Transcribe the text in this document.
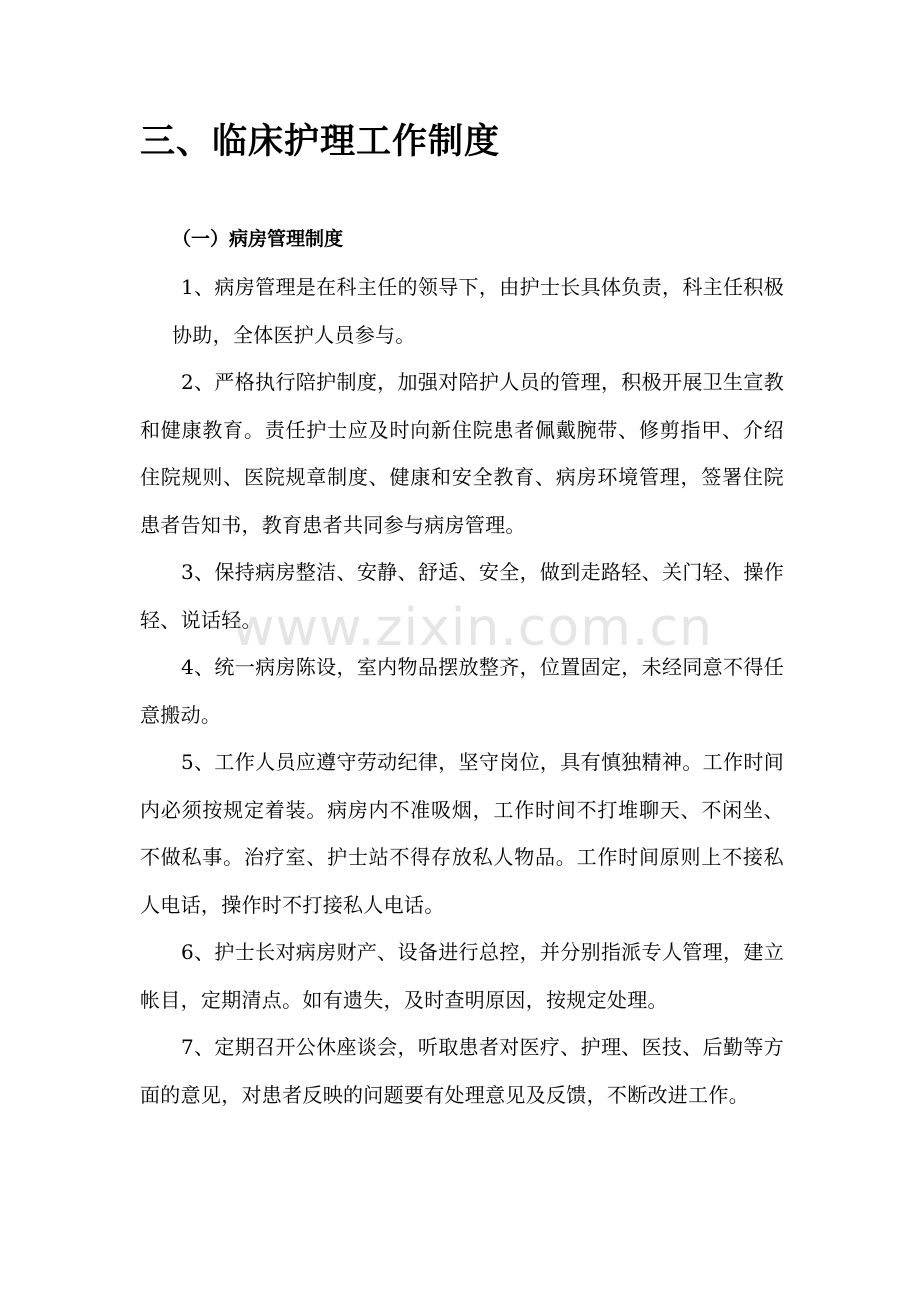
三、临床护理工作制度
（一）病房管理制度

1、病房管理是在科主任的领导下，由护士长具体负责，科主任积极协助，全体医护人员参与。

2、严格执行陪护制度，加强对陪护人员的管理，积极开展卫生宣教和健康教育。责任护士应及时向新住院患者佩戴腕带、修剪指甲、介绍住院规则、医院规章制度、健康和安全教育、病房环境管理，签署住院患者告知书，教育患者共同参与病房管理。

3、保持病房整洁、安静、舒适、安全，做到走路轻、关门轻、操作轻、说话轻。

4、统一病房陈设，室内物品摆放整齐，位置固定，未经同意不得任意搬动。

5、工作人员应遵守劳动纪律，坚守岗位，具有慎独精神。工作时间内必须按规定着装。病房内不准吸烟，工作时间不打堆聊天、不闲坐、不做私事。治疗室、护士站不得存放私人物品。工作时间原则上不接私人电话，操作时不打接私人电话。

6、护士长对病房财产、设备进行总控，并分别指派专人管理，建立帐目，定期清点。如有遗失，及时查明原因，按规定处理。

7、定期召开公休座谈会，听取患者对医疗、护理、医技、后勤等方面的意见，对患者反映的问题要有处理意见及反馈，不断改进工作。

www.zixin.com.cn
